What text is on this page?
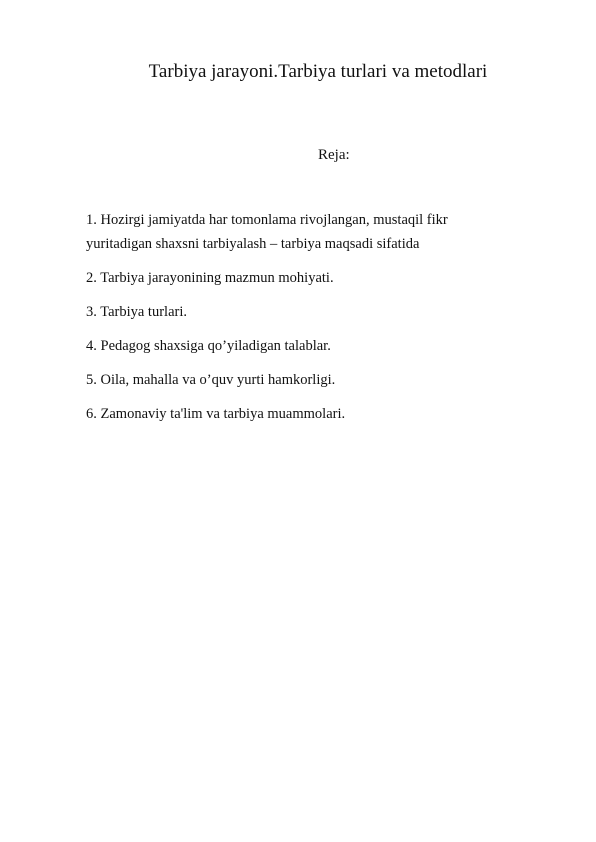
Tarbiya jarayoni.Tarbiya turlari va metodlari
Reja:
1. Hozirgi jamiyatda har tomonlama rivojlangan, mustaqil fikr yuritadigan shaxsni tarbiyalash – tarbiya maqsadi sifatida
2. Tarbiya jarayonining mazmun mohiyati.
3. Tarbiya turlari.
4. Pedagog shaxsiga qo’yiladigan talablar.
5. Oila, mahalla va o’quv yurti hamkorligi.
6. Zamonaviy ta'lim va tarbiya muammolari.
